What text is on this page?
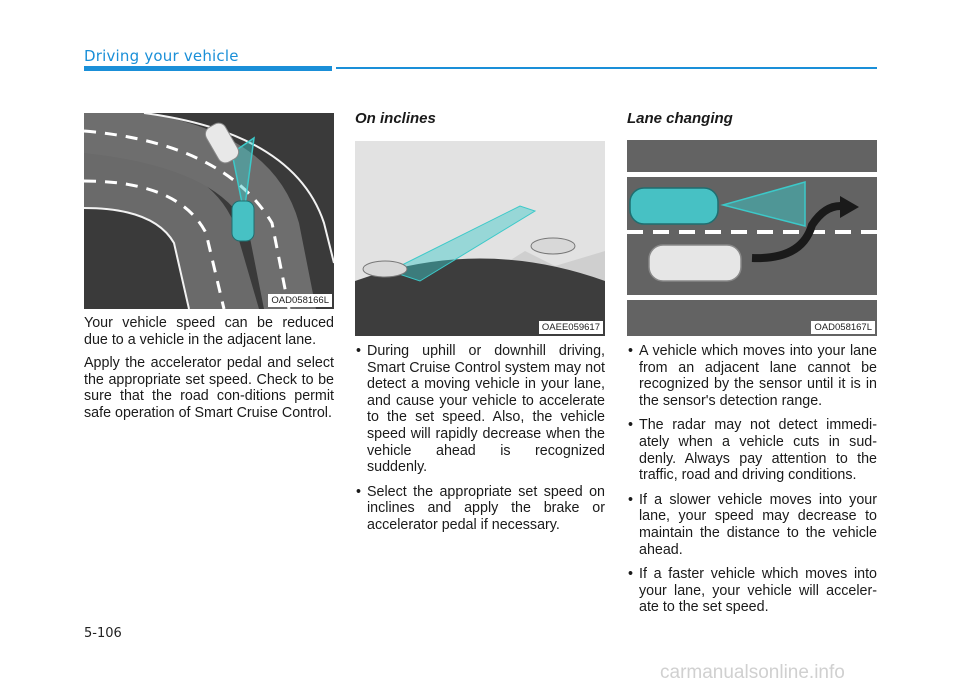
Driving your vehicle
OAD058166L

Your vehicle speed can be reduced due to a vehicle in the adjacent lane.

Apply the accelerator pedal and select the appropriate set speed. Check to be sure that the road con-ditions permit safe operation of Smart Cruise Control.

On inclines
OAEE059617
• During uphill or downhill driving, Smart Cruise Control system may not detect a moving vehicle in your lane, and cause your vehicle to accelerate to the set speed. Also, the vehicle speed will rapidly decrease when the vehicle ahead is recognized suddenly.
• Select the appropriate set speed on inclines and apply the brake or accelerator pedal if necessary.
Lane changing
OAD058167L
• A vehicle which moves into your lane from an adjacent lane cannot be recognized by the sensor until it is in the sensor's detection range.
• The radar may not detect immedi-ately when a vehicle cuts in sud-denly. Always pay attention to the traffic, road and driving conditions.
• If a slower vehicle moves into your lane, your speed may decrease to maintain the distance to the vehicle ahead.
• If a faster vehicle which moves into your lane, your vehicle will acceler-ate to the set speed.
5-106
carmanualsonline.info
